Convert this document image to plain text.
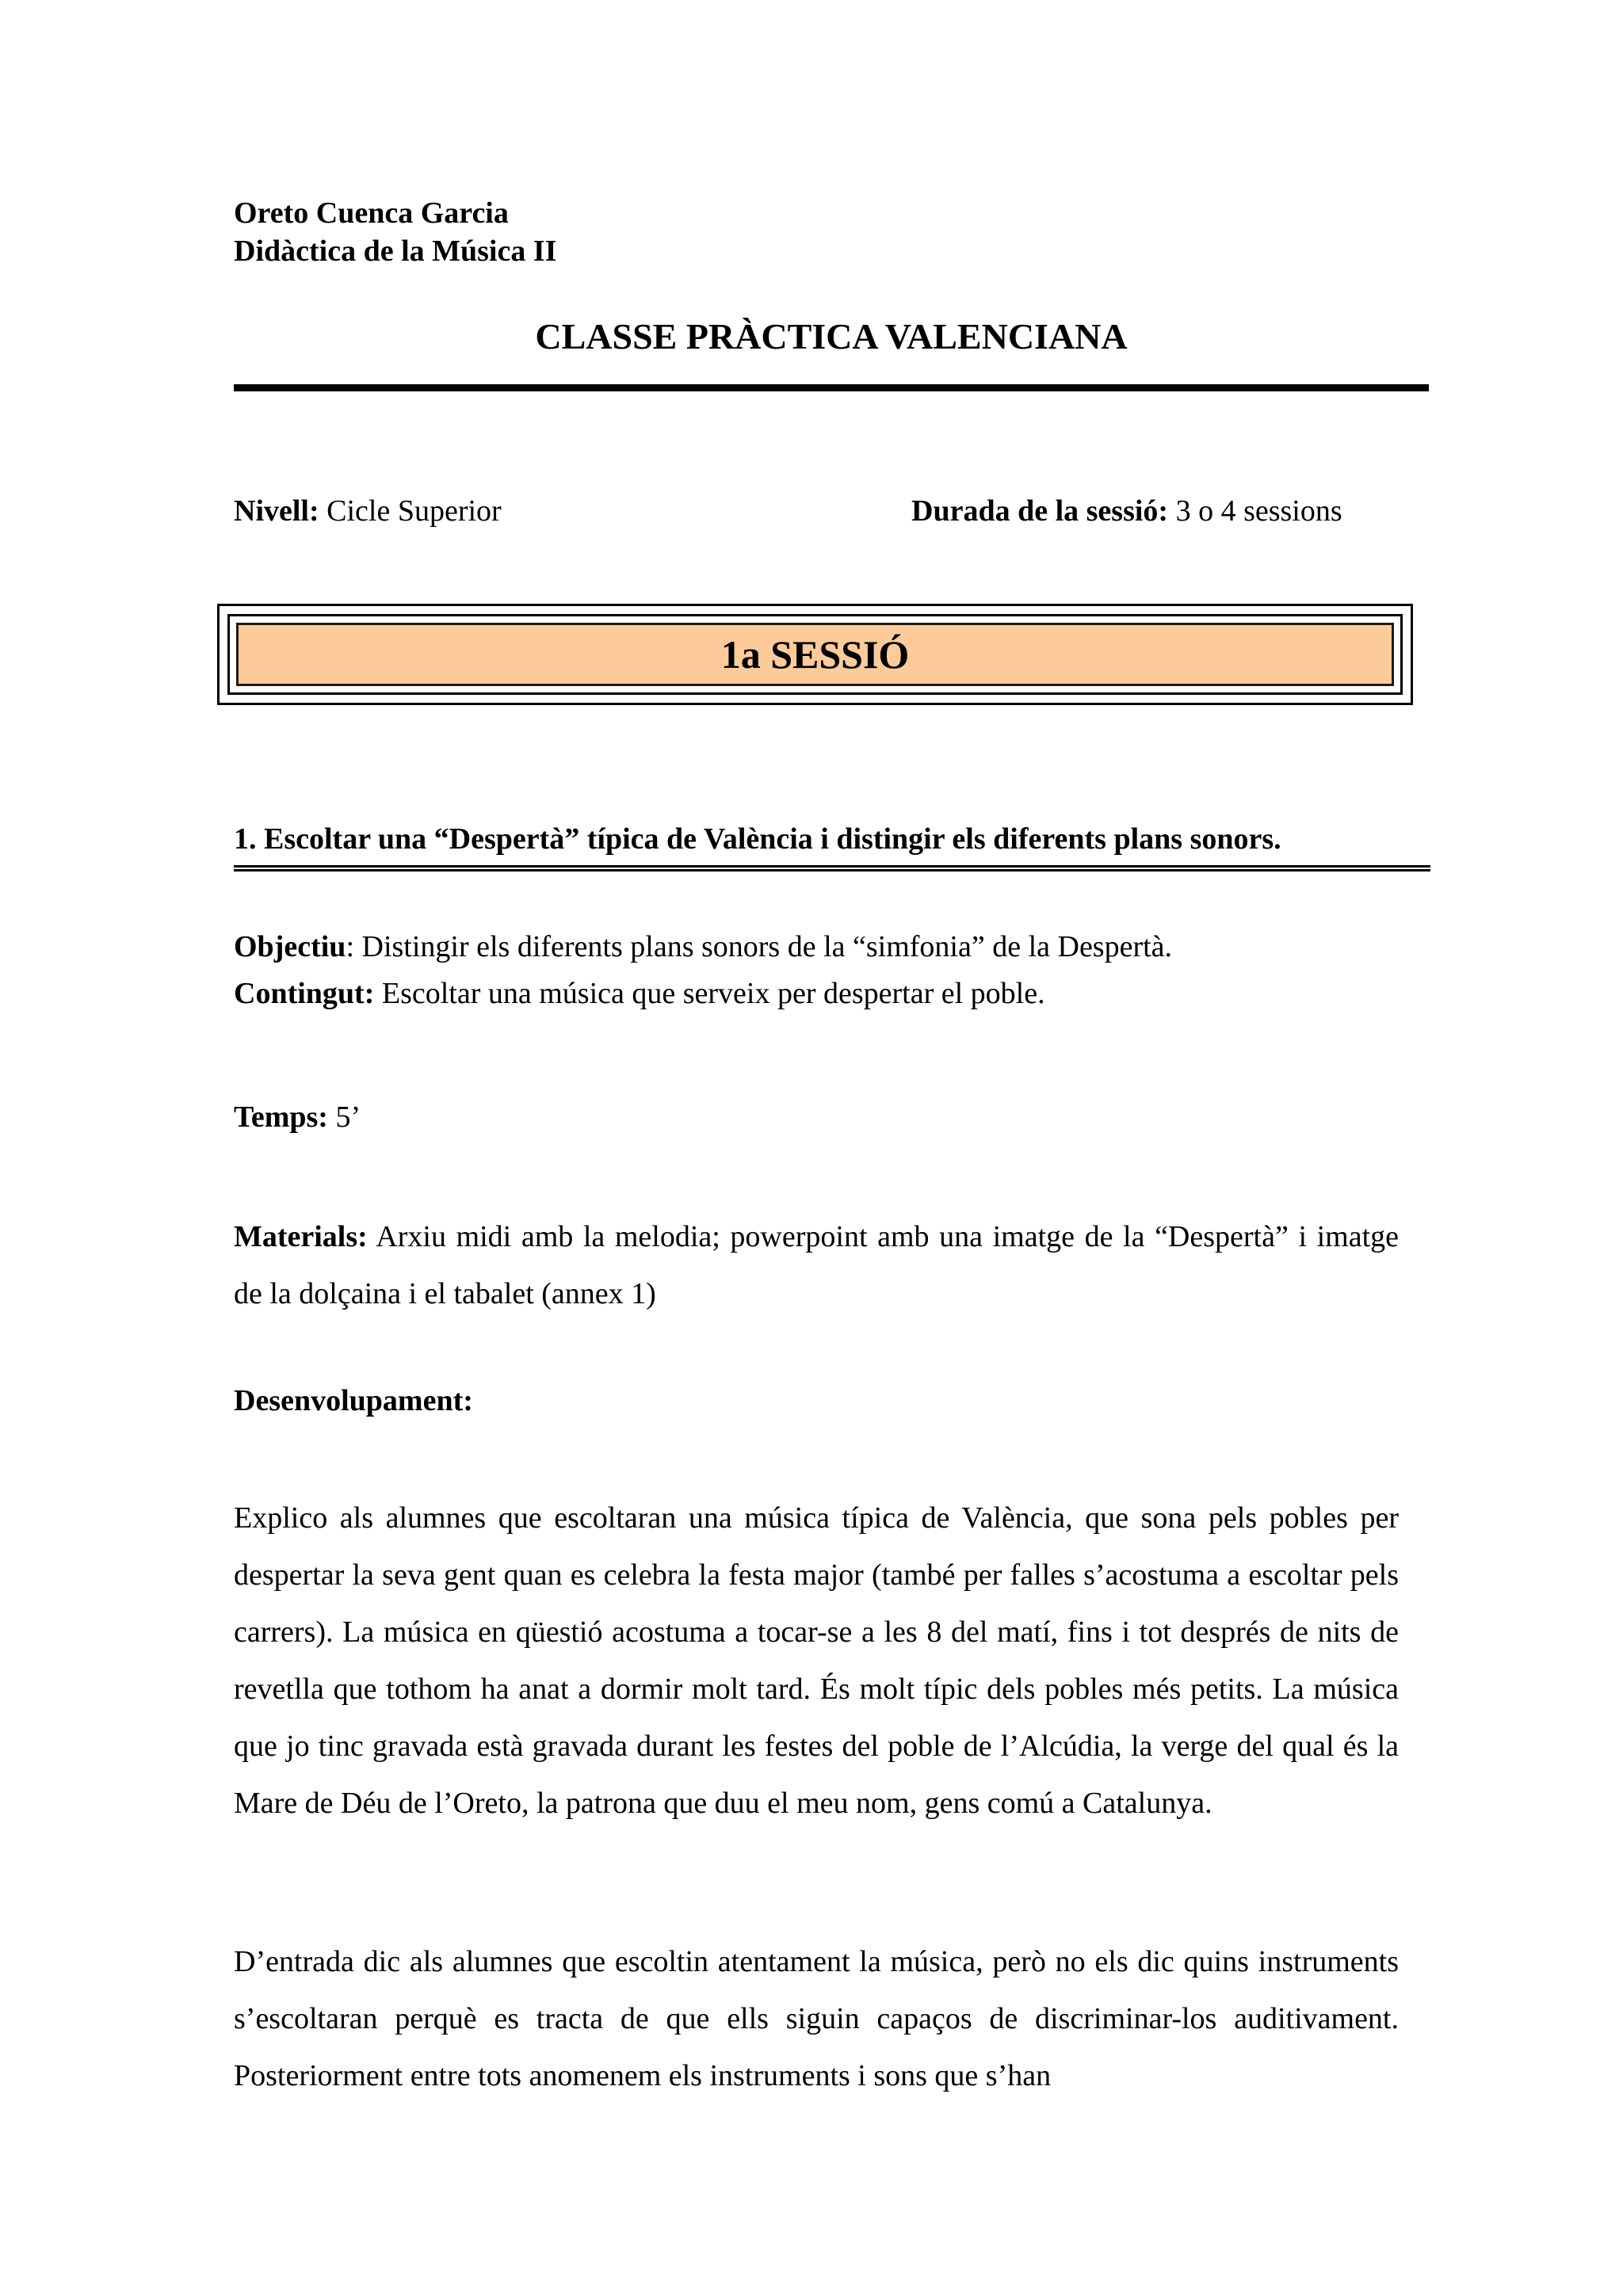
Oreto Cuenca Garcia
Didàctica de la Música II
CLASSE PRÀCTICA VALENCIANA
Nivell: Cicle Superior	Durada de la sessió: 3 o 4 sessions
1a SESSIÓ
1. Escoltar una “Despertà” típica de València i distingir els diferents plans sonors.
Objectiu: Distingir els diferents plans sonors de la “simfonia” de la Despertà.
Contingut: Escoltar una música que serveix per despertar el poble.
Temps: 5’
Materials: Arxiu midi amb la melodia; powerpoint amb una imatge de la “Despertà” i imatge de la dolçaina i el tabalet (annex 1)
Desenvolupament:

Explico als alumnes que escoltaran una música típica de València, que sona pels pobles per despertar la seva gent quan es celebra la festa major (també per falles s’acostuma a escoltar pels carrers). La música en qüestió acostuma a tocar-se a les 8 del matí, fins i tot després de nits de revetlla que tothom ha anat a dormir molt tard. És molt típic dels pobles més petits. La música que jo tinc gravada està gravada durant les festes del poble de l’Alcúdia, la verge del qual és la Mare de Déu de l’Oreto, la patrona que duu el meu nom, gens comú a Catalunya.

D’entrada dic als alumnes que escoltin atentament la música, però no els dic quins instruments s’escoltaran perquè es tracta de que ells siguin capaços de discriminar-los auditivament. Posteriorment entre tots anomenem els instruments i sons que s’han
